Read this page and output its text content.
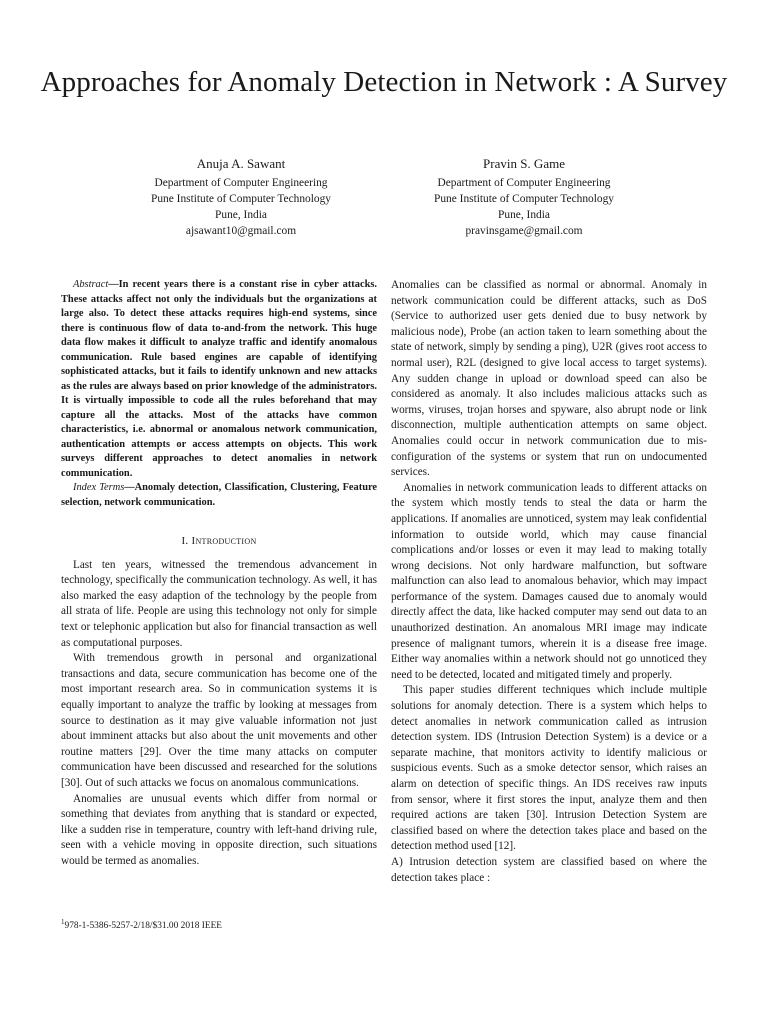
Approaches for Anomaly Detection in Network : A Survey
Anuja A. Sawant
Department of Computer Engineering
Pune Institute of Computer Technology
Pune, India
ajsawant10@gmail.com
Pravin S. Game
Department of Computer Engineering
Pune Institute of Computer Technology
Pune, India
pravinsgame@gmail.com

Abstract—In recent years there is a constant rise in cyber attacks. These attacks affect not only the individuals but the organizations at large also. To detect these attacks requires high-end systems, since there is continuous flow of data to-and-from the network. This huge data flow makes it difficult to analyze traffic and identify anomalous communication. Rule based engines are capable of identifying sophisticated attacks, but it fails to identify unknown and new attacks as the rules are always based on prior knowledge of the administrators. It is virtually impossible to code all the rules beforehand that may capture all the attacks. Most of the attacks have common characteristics, i.e. abnormal or anomalous network communication, authentication attempts or access attempts on objects. This work surveys different approaches to detect anomalies in network communication.

Index Terms—Anomaly detection, Classification, Clustering, Feature selection, network communication.

I. Introduction

Last ten years, witnessed the tremendous advancement in technology, specifically the communication technology. As well, it has also marked the easy adaption of the technology by the people from all strata of life. People are using this technology not only for simple text or telephonic application but also for financial transaction as well as computational purposes.

With tremendous growth in personal and organizational transactions and data, secure communication has become one of the most important research area. So in communication systems it is equally important to analyze the traffic by looking at messages from source to destination as it may give valuable information not just about imminent attacks but also about the unit movements and other routine matters [29]. Over the time many attacks on computer communication have been discussed and researched for the solutions [30]. Out of such attacks we focus on anomalous communications.

Anomalies are unusual events which differ from normal or something that deviates from anything that is standard or expected, like a sudden rise in temperature, country with left-hand driving rule, seen with a vehicle moving in opposite direction, such situations would be termed as anomalies.

Anomalies can be classified as normal or abnormal. Anomaly in network communication could be different attacks, such as DoS (Service to authorized user gets denied due to busy network by malicious node), Probe (an action taken to learn something about the state of network, simply by sending a ping), U2R (gives root access to normal user), R2L (designed to give local access to target systems). Any sudden change in upload or download speed can also be considered as anomaly. It also includes malicious attacks such as worms, viruses, trojan horses and spyware, also abrupt node or link disconnection, multiple authentication attempts on same object. Anomalies could occur in network communication due to mis-configuration of the systems or system that run on undocumented services.

Anomalies in network communication leads to different attacks on the system which mostly tends to steal the data or harm the applications. If anomalies are unnoticed, system may leak confidential information to outside world, which may cause financial complications and/or losses or even it may lead to making totally wrong decisions. Not only hardware malfunction, but software malfunction can also lead to anomalous behavior, which may impact performance of the system. Damages caused due to anomaly would directly affect the data, like hacked computer may send out data to an unauthorized destination. An anomalous MRI image may indicate presence of malignant tumors, wherein it is a disease free image. Either way anomalies within a network should not go unnoticed they need to be detected, located and mitigated timely and properly.

This paper studies different techniques which include multiple solutions for anomaly detection. There is a system which helps to detect anomalies in network communication called as intrusion detection system. IDS (Intrusion Detection System) is a device or a separate machine, that monitors activity to identify malicious or suspicious events. Such as a smoke detector sensor, which raises an alarm on detection of specific things. An IDS receives raw inputs from sensor, where it first stores the input, analyze them and then required actions are taken [30]. Intrusion Detection System are classified based on where the detection takes place and based on the detection method used [12].

A) Intrusion detection system are classified based on where the detection takes place :

$^1$978-1-5386-5257-2/18/$31.00 2018 IEEE
